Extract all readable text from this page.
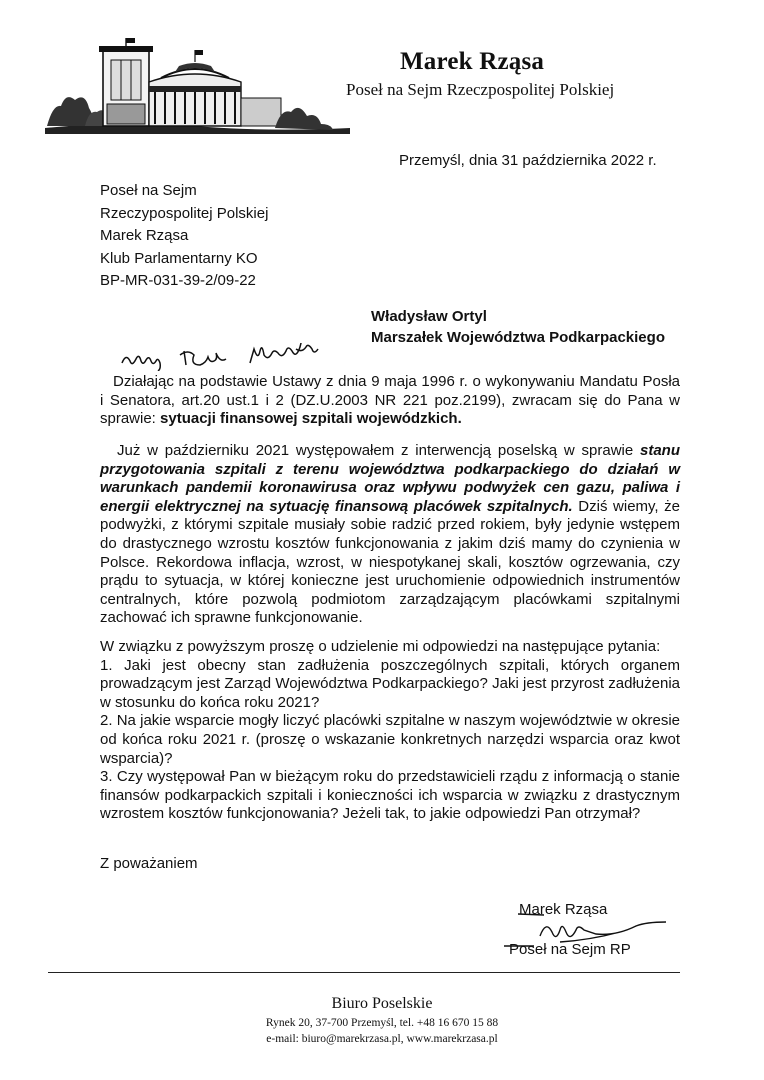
Marek Rząsa
Poseł na Sejm Rzeczpospolitej Polskiej
Przemyśl, dnia 31 października 2022 r.
Poseł na Sejm
Rzeczypospolitej Polskiej
Marek Rząsa
Klub Parlamentarny KO
BP-MR-031-39-2/09-22
Władysław Ortyl
Marszałek Województwa Podkarpackiego
Działając na podstawie Ustawy z dnia 9 maja 1996 r. o wykonywaniu Mandatu Posła i Senatora, art.20 ust.1 i 2 (DZ.U.2003 NR 221 poz.2199), zwracam się do Pana w sprawie: sytuacji finansowej szpitali wojewódzkich.
Już w październiku 2021 występowałem z interwencją poselską w sprawie stanu przygotowania szpitali z terenu województwa podkarpackiego do działań w warunkach pandemii koronawirusa oraz wpływu podwyżek cen gazu, paliwa i energii elektrycznej na sytuację finansową placówek szpitalnych. Dziś wiemy, że podwyżki, z którymi szpitale musiały sobie radzić przed rokiem, były jedynie wstępem do drastycznego wzrostu kosztów funkcjonowania z jakim dziś mamy do czynienia w Polsce. Rekordowa inflacja, wzrost, w niespotykanej skali, kosztów ogrzewania, czy prądu to sytuacja, w której konieczne jest uruchomienie odpowiednich instrumentów centralnych, które pozwolą podmiotom zarządzającym placówkami szpitalnymi zachować ich sprawne funkcjonowanie.
W związku z powyższym proszę o udzielenie mi odpowiedzi na następujące pytania:
1. Jaki jest obecny stan zadłużenia poszczególnych szpitali, których organem prowadzącym jest Zarząd Województwa Podkarpackiego? Jaki jest przyrost zadłużenia w stosunku do końca roku 2021?
2. Na jakie wsparcie mogły liczyć placówki szpitalne w naszym województwie w okresie od końca roku 2021 r. (proszę o wskazanie konkretnych narzędzi wsparcia oraz kwot wsparcia)?
3. Czy występował Pan w bieżącym roku do przedstawicieli rządu z informacją o stanie finansów podkarpackich szpitali i konieczności ich wsparcia w związku z drastycznym wzrostem kosztów funkcjonowania? Jeżeli tak, to jakie odpowiedzi Pan otrzymał?
Z poważaniem
Marek Rząsa
Poseł na Sejm RP
Biuro Poselskie
Rynek 20, 37-700 Przemyśl, tel. +48 16 670 15 88
e-mail: biuro@marekrzasa.pl, www.marekrzasa.pl
